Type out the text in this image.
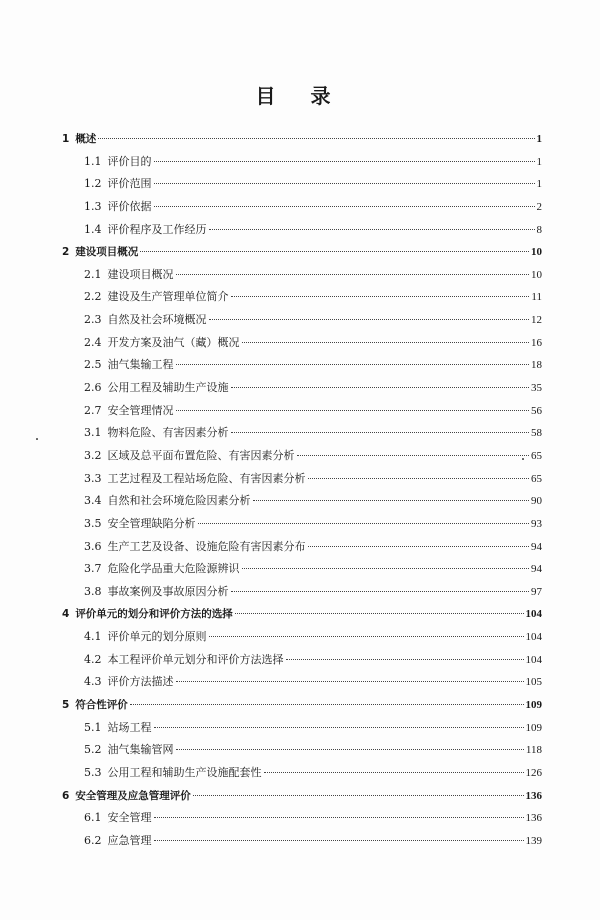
目 录
1 概述	1
1.1 评价目的	1
1.2 评价范围	1
1.3 评价依据	2
1.4 评价程序及工作经历	8
2 建设项目概况	10
2.1 建设项目概况	10
2.2 建设及生产管理单位简介	11
2.3 自然及社会环境概况	12
2.4 开发方案及油气（藏）概况	16
2.5 油气集输工程	18
2.6 公用工程及辅助生产设施	35
2.7 安全管理情况	56
3.1 物料危险、有害因素分析	58
3.2 区域及总平面布置危险、有害因素分析	65
3.3 工艺过程及工程站场危险、有害因素分析	65
3.4 自然和社会环境危险因素分析	90
3.5 安全管理缺陷分析	93
3.6 生产工艺及设备、设施危险有害因素分布	94
3.7 危险化学品重大危险源辨识	94
3.8 事故案例及事故原因分析	97
4 评价单元的划分和评价方法的选择	104
4.1 评价单元的划分原则	104
4.2 本工程评价单元划分和评价方法选择	104
4.3 评价方法描述	105
5 符合性评价	109
5.1 站场工程	109
5.2 油气集输管网	118
5.3 公用工程和辅助生产设施配套性	126
6 安全管理及应急管理评价	136
6.1 安全管理	136
6.2 应急管理	139
